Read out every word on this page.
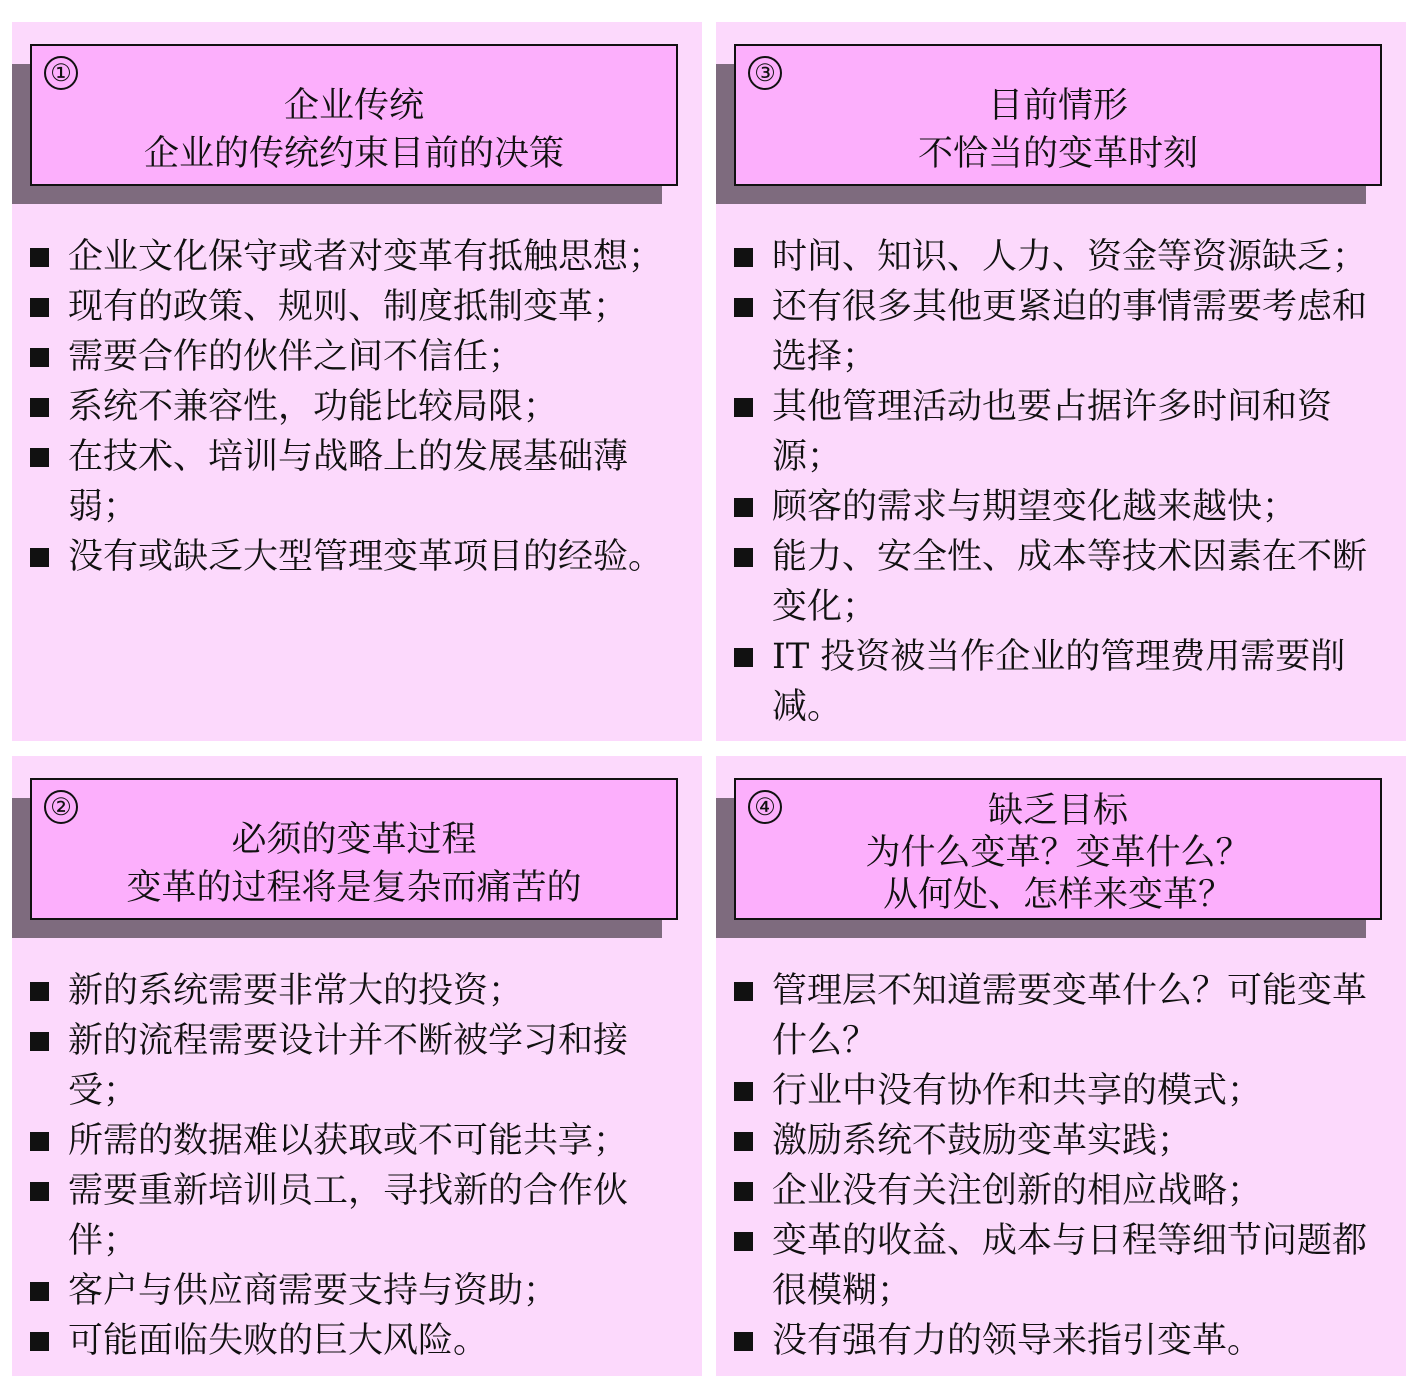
①
企业传统
企业的传统约束目前的决策
企业文化保守或者对变革有抵触思想；
现有的政策、规则、制度抵制变革；
需要合作的伙伴之间不信任；
系统不兼容性，功能比较局限；
在技术、培训与战略上的发展基础薄弱；
没有或缺乏大型管理变革项目的经验。
③
目前情形
不恰当的变革时刻
时间、知识、人力、资金等资源缺乏；
还有很多其他更紧迫的事情需要考虑和选择；
其他管理活动也要占据许多时间和资源；
顾客的需求与期望变化越来越快；
能力、安全性、成本等技术因素在不断变化；
IT 投资被当作企业的管理费用需要削减。
②
必须的变革过程
变革的过程将是复杂而痛苦的
新的系统需要非常大的投资；
新的流程需要设计并不断被学习和接受；
所需的数据难以获取或不可能共享；
需要重新培训员工，寻找新的合作伙伴；
客户与供应商需要支持与资助；
可能面临失败的巨大风险。
④	缺乏目标
为什么变革？变革什么？
从何处、怎样来变革？
管理层不知道需要变革什么？可能变革什么？
行业中没有协作和共享的模式；
激励系统不鼓励变革实践；
企业没有关注创新的相应战略；
变革的收益、成本与日程等细节问题都很模糊；
没有强有力的领导来指引变革。
